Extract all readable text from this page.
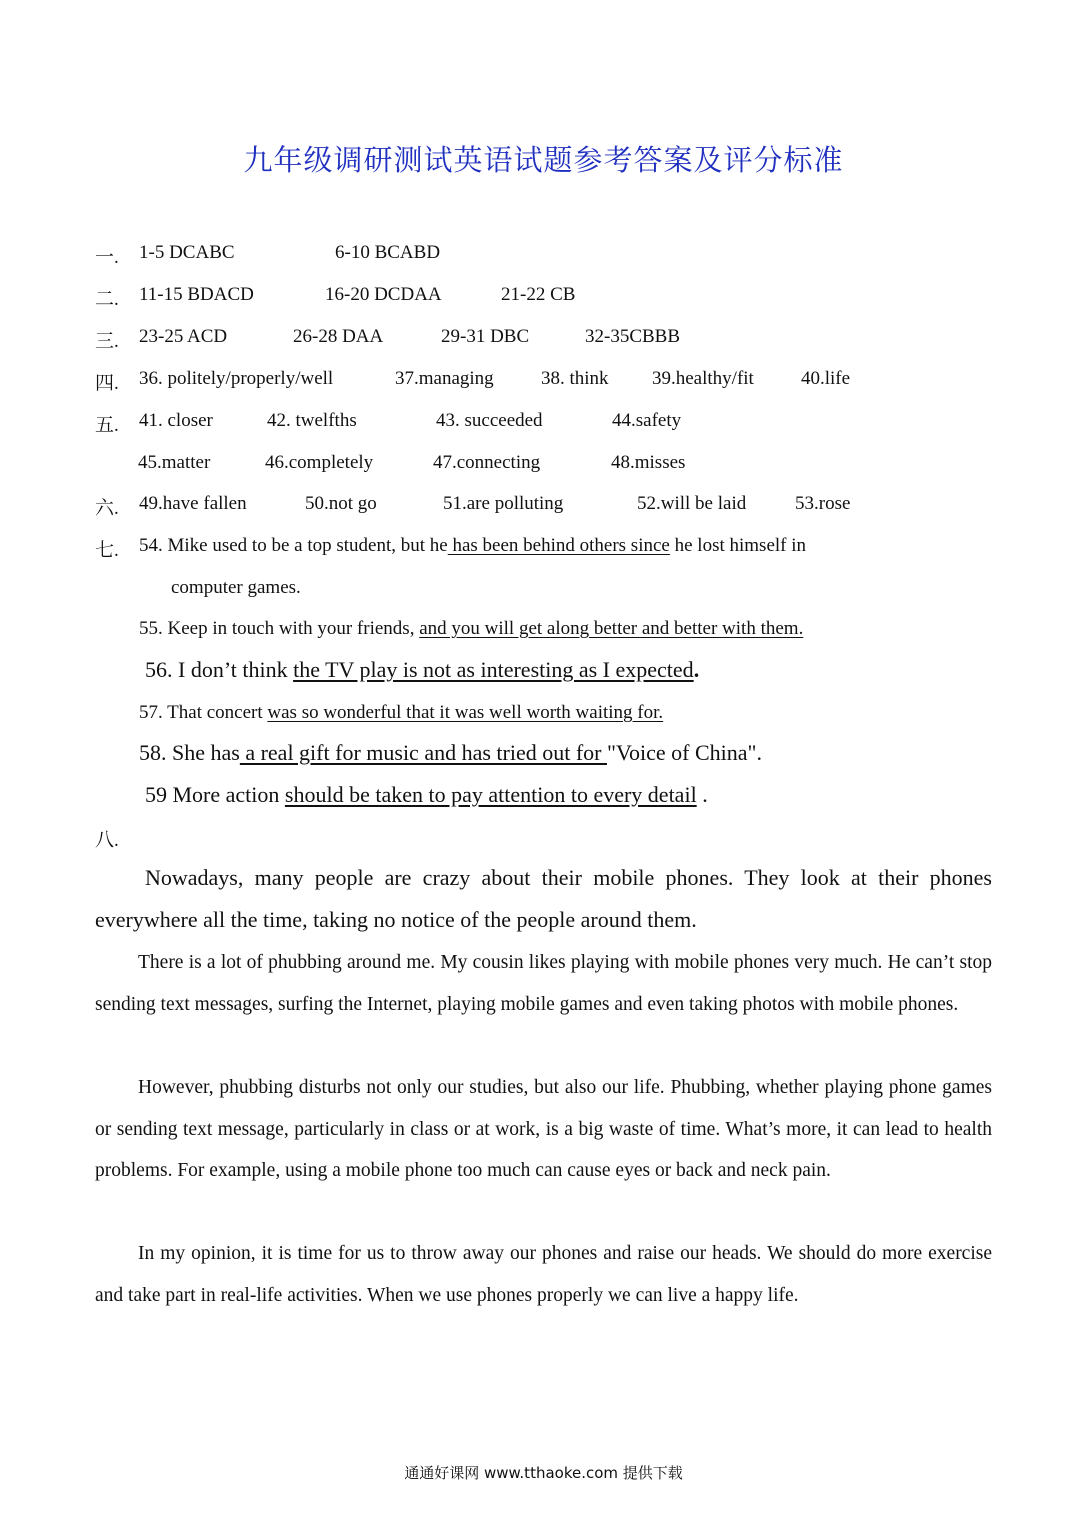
九年级调研测试英语试题参考答案及评分标准
一. 1-5 DCABC	6-10 BCABD
二. 11-15 BDACD	16-20 DCDAA	21-22 CB
三. 23-25 ACD	26-28 DAA	29-31 DBC	32-35CBBB
四. 36. politely/properly/well	37.managing 38. think 39.healthy/fit 40.life
五. 41. closer	42. twelfths	43. succeeded	44.safety
45.matter	46.completely	47.connecting	48.misses
六. 49.have fallen	50.not go	51.are polluting	52.will be laid	53.rose
七.	54. Mike used to be a top student, but he has been behind others since he lost himself in
computer games.
55. Keep in touch with your friends, and you will get along better and better with them.
56. I don’t think the TV play is not as interesting as I expected.
57. That concert was so wonderful that it was well worth waiting for.
58. She has a real gift for music and has tried out for "Voice of China".
59 More action should be taken to pay attention to every detail .
八.
Nowadays, many people are crazy about their mobile phones. They look at their phones everywhere all the time, taking no notice of the people around them.
There is a lot of phubbing around me. My cousin likes playing with mobile phones very much. He can’t stop sending text messages, surfing the Internet, playing mobile games and even taking photos with mobile phones.
However, phubbing disturbs not only our studies, but also our life. Phubbing, whether playing phone games or sending text message, particularly in class or at work, is a big waste of time. What’s more, it can lead to health problems. For example, using a mobile phone too much can cause eyes or back and neck pain.
In my opinion, it is time for us to throw away our phones and raise our heads. We should do more exercise and take part in real-life activities. When we use phones properly we can live a happy life.
通通好课网 www.tthaoke.com 提供下载
